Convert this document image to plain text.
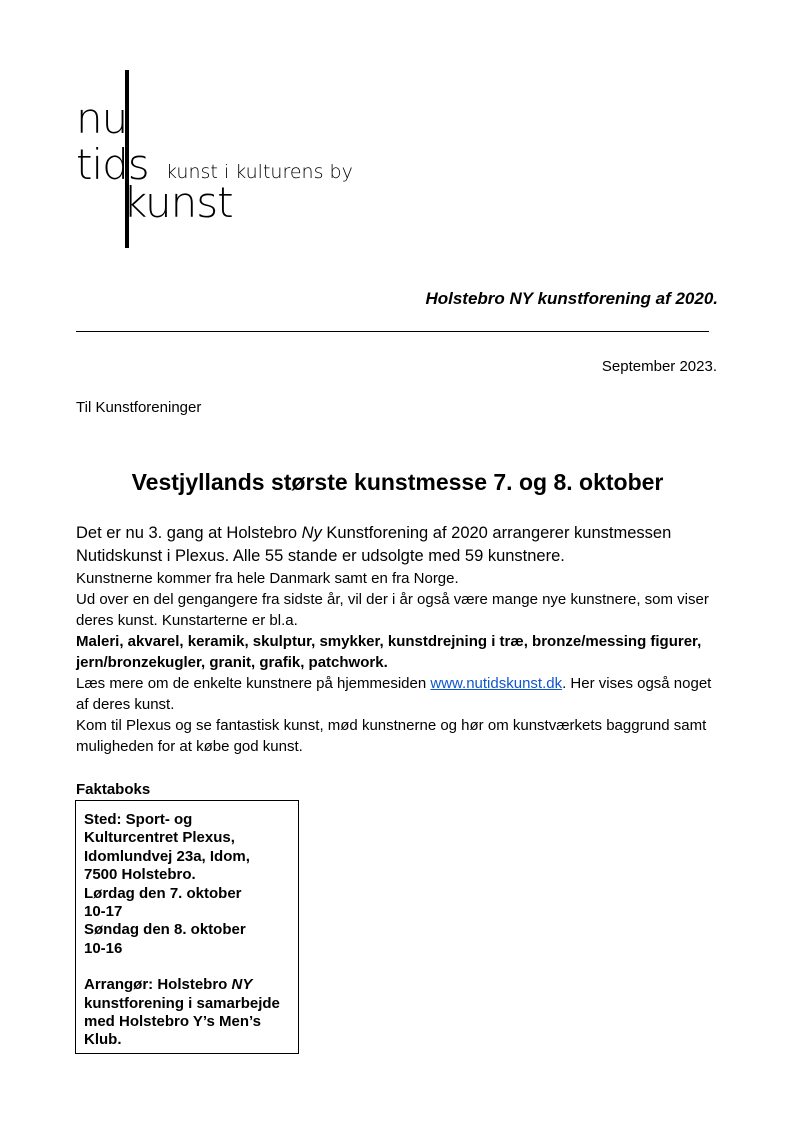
nu
tids
kunst
kunst i kulturens by
Holstebro NY kunstforening af 2020.
September 2023.
Til Kunstforeninger
Vestjyllands største kunstmesse 7. og 8. oktober

Det er nu 3. gang at Holstebro Ny Kunstforening af 2020 arrangerer kunstmessen Nutidskunst i Plexus. Alle 55 stande er udsolgte med 59 kunstnere.

Kunstnerne kommer fra hele Danmark samt en fra Norge.

Ud over en del gengangere fra sidste år, vil der i år også være mange nye kunstnere, som viser deres kunst. Kunstarterne er bl.a.

Maleri, akvarel, keramik, skulptur, smykker, kunstdrejning i træ, bronze/messing figurer, jern/bronzekugler, granit, grafik, patchwork.

Læs mere om de enkelte kunstnere på hjemmesiden www.nutidskunst.dk. Her vises også noget af deres kunst.

Kom til Plexus og se fantastisk kunst, mød kunstnerne og hør om kunstværkets baggrund samt muligheden for at købe god kunst.

Faktaboks
Sted: Sport- og
Kulturcentret Plexus,
Idomlundvej 23a, Idom,
7500 Holstebro.
Lørdag den 7. oktober
10-17
Søndag den 8. oktober
10-16
Arrangør: Holstebro NY
kunstforening i samarbejde
med Holstebro Y’s Men’s
Klub.
